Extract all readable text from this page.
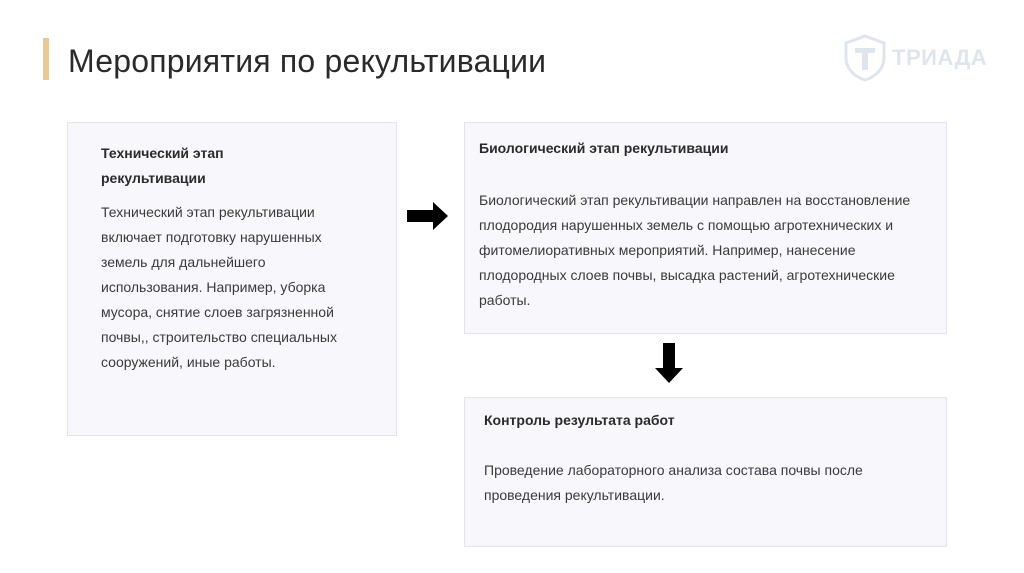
Мероприятия по рекультивации	ТРИАДА
Технический этап рекультивации
Технический этап рекультивации включает подготовку нарушенных земель для дальнейшего использования. Например, уборка мусора, снятие слоев загрязненной почвы,, строительство специальных сооружений, иные работы.
Биологический этап рекультивации
Биологический этап рекультивации направлен на восстановление плодородия нарушенных земель с помощью агротехнических и фитомелиоративных мероприятий. Например, нанесение плодородных слоев почвы, высадка растений, агротехнические работы.
Контроль результата работ
Проведение лабораторного анализа состава почвы после проведения рекультивации.
